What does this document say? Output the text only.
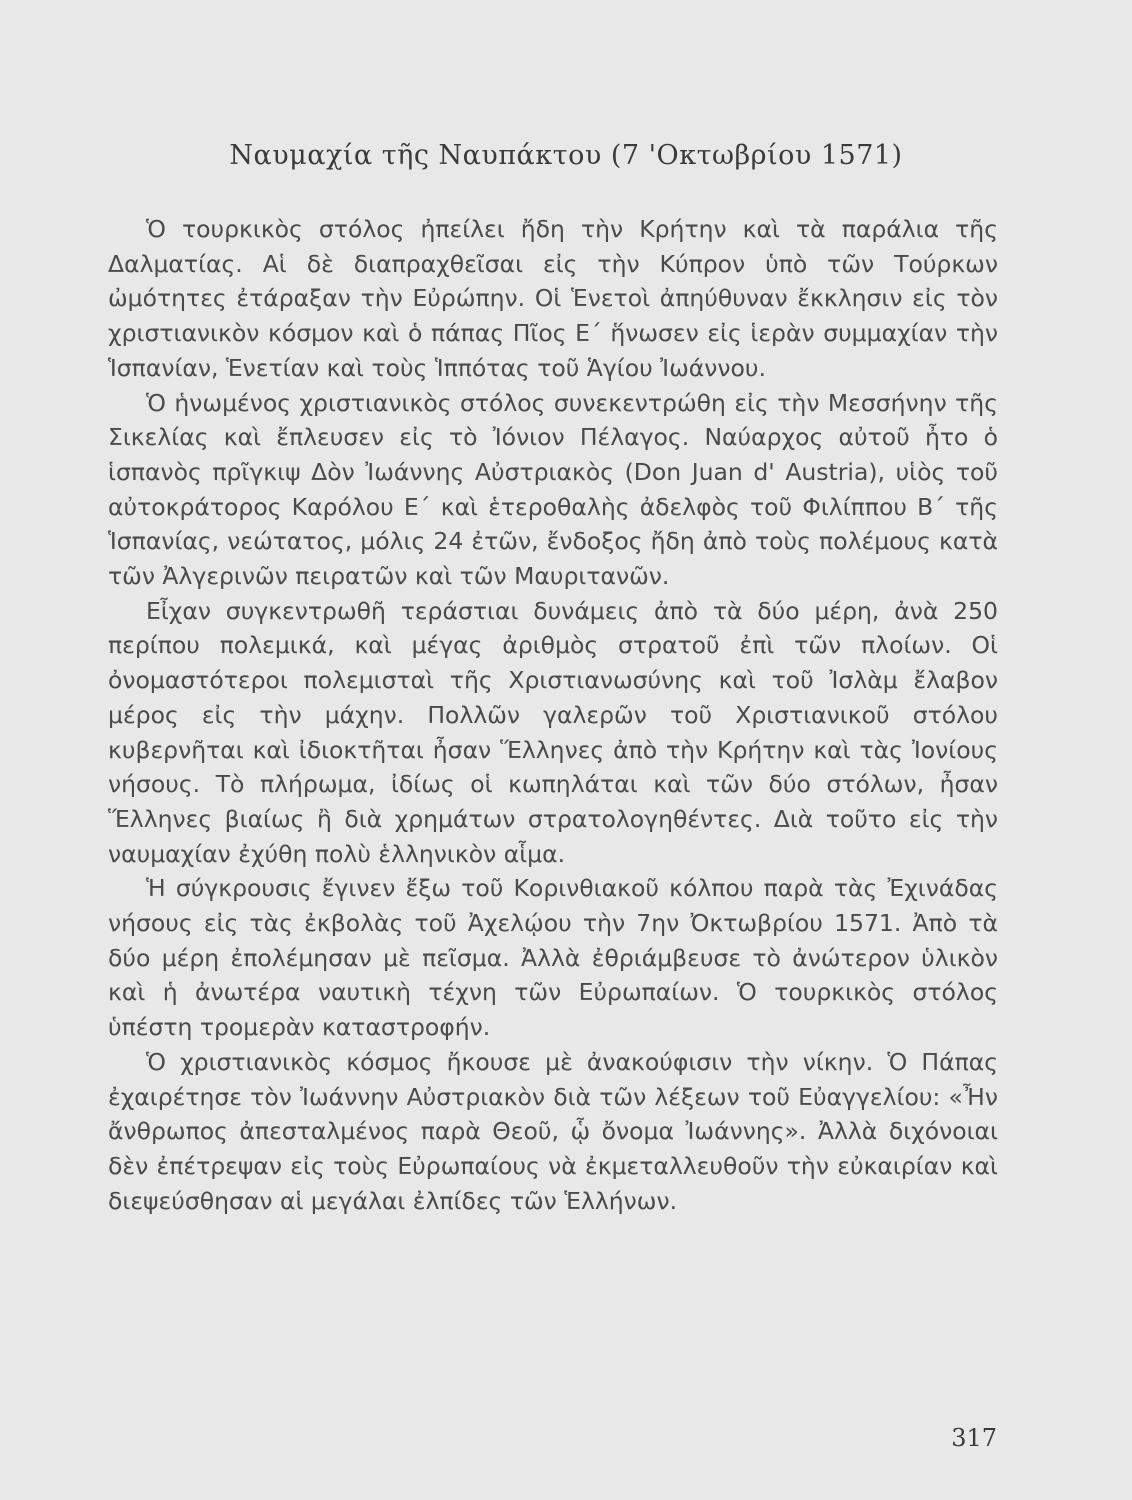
Ναυμαχία τῆς Ναυπάκτου (7 'Οκτωβρίου 1571)

Ὁ τουρκικὸς στόλος ἠπείλει ἤδη τὴν Κρήτην καὶ τὰ παράλια τῆς Δαλματίας. Αἱ δὲ διαπραχθεῖσαι εἰς τὴν Κύπρον ὑπὸ τῶν Τούρκων ὠμότητες ἐτάραξαν τὴν Εὐρώπην. Οἱ Ἑνετοὶ ἀπηύθυναν ἔκκλησιν εἰς τὸν χριστιανικὸν κόσμον καὶ ὁ πάπας Πῖος Ε΄ ἥνωσεν εἰς ἱερὰν συμμαχίαν τὴν Ἱσπανίαν, Ἑνετίαν καὶ τοὺς Ἱππότας τοῦ Ἁγίου Ἰωάννου.

Ὁ ἡνωμένος χριστιανικὸς στόλος συνεκεντρώθη εἰς τὴν Μεσσήνην τῆς Σικελίας καὶ ἔπλευσεν εἰς τὸ Ἰόνιον Πέλαγος. Ναύαρχος αὐτοῦ ἦτο ὁ ἱσπανὸς πρῖγκιψ Δὸν Ἰωάννης Αὐστριακὸς (Don Juan d' Austria), υἱὸς τοῦ αὐτοκράτορος Καρόλου Ε΄ καὶ ἑτεροθαλὴς ἀδελφὸς τοῦ Φιλίππου Β΄ τῆς Ἱσπανίας, νεώτατος, μόλις 24 ἐτῶν, ἔνδοξος ἤδη ἀπὸ τοὺς πολέμους κατὰ τῶν Ἀλγερινῶν πειρατῶν καὶ τῶν Μαυριτανῶν.

Εἶχαν συγκεντρωθῆ τεράστιαι δυνάμεις ἀπὸ τὰ δύο μέρη, ἀνὰ 250 περίπου πολεμικά, καὶ μέγας ἀριθμὸς στρατοῦ ἐπὶ τῶν πλοίων. Οἱ ὀνομαστότεροι πολεμισταὶ τῆς Χριστιανωσύνης καὶ τοῦ Ἰσλὰμ ἔλαβον μέρος εἰς τὴν μάχην. Πολλῶν γαλερῶν τοῦ Χριστιανικοῦ στόλου κυβερνῆται καὶ ἰδιοκτῆται ἦσαν Ἕλληνες ἀπὸ τὴν Κρήτην καὶ τὰς Ἰονίους νήσους. Τὸ πλήρωμα, ἰδίως οἱ κωπηλάται καὶ τῶν δύο στόλων, ἦσαν Ἕλληνες βιαίως ἢ διὰ χρημάτων στρατολογηθέντες. Διὰ τοῦτο εἰς τὴν ναυμαχίαν ἐχύθη πολὺ ἑλληνικὸν αἷμα.

Ἡ σύγκρουσις ἔγινεν ἔξω τοῦ Κορινθιακοῦ κόλπου παρὰ τὰς Ἐχινάδας νήσους εἰς τὰς ἐκβολὰς τοῦ Ἀχελῴου τὴν 7ην Ὀκτωβρίου 1571. Ἀπὸ τὰ δύο μέρη ἐπολέμησαν μὲ πεῖσμα. Ἀλλὰ ἐθριάμβευσε τὸ ἀνώτερον ὑλικὸν καὶ ἡ ἀνωτέρα ναυτικὴ τέχνη τῶν Εὐρωπαίων. Ὁ τουρκικὸς στόλος ὑπέστη τρομερὰν καταστροφήν.

Ὁ χριστιανικὸς κόσμος ἤκουσε μὲ ἀνακούφισιν τὴν νίκην. Ὁ Πάπας ἐχαιρέτησε τὸν Ἰωάννην Αὐστριακὸν διὰ τῶν λέξεων τοῦ Εὐαγγελίου: «Ἦν ἄνθρωπος ἀπεσταλμένος παρὰ Θεοῦ, ᾧ ὄνομα Ἰωάννης». Ἀλλὰ διχόνοιαι δὲν ἐπέτρεψαν εἰς τοὺς Εὐρωπαίους νὰ ἐκμεταλλευθοῦν τὴν εὐκαιρίαν καὶ διεψεύσθησαν αἱ μεγάλαι ἐλπίδες τῶν Ἑλλήνων.

317
